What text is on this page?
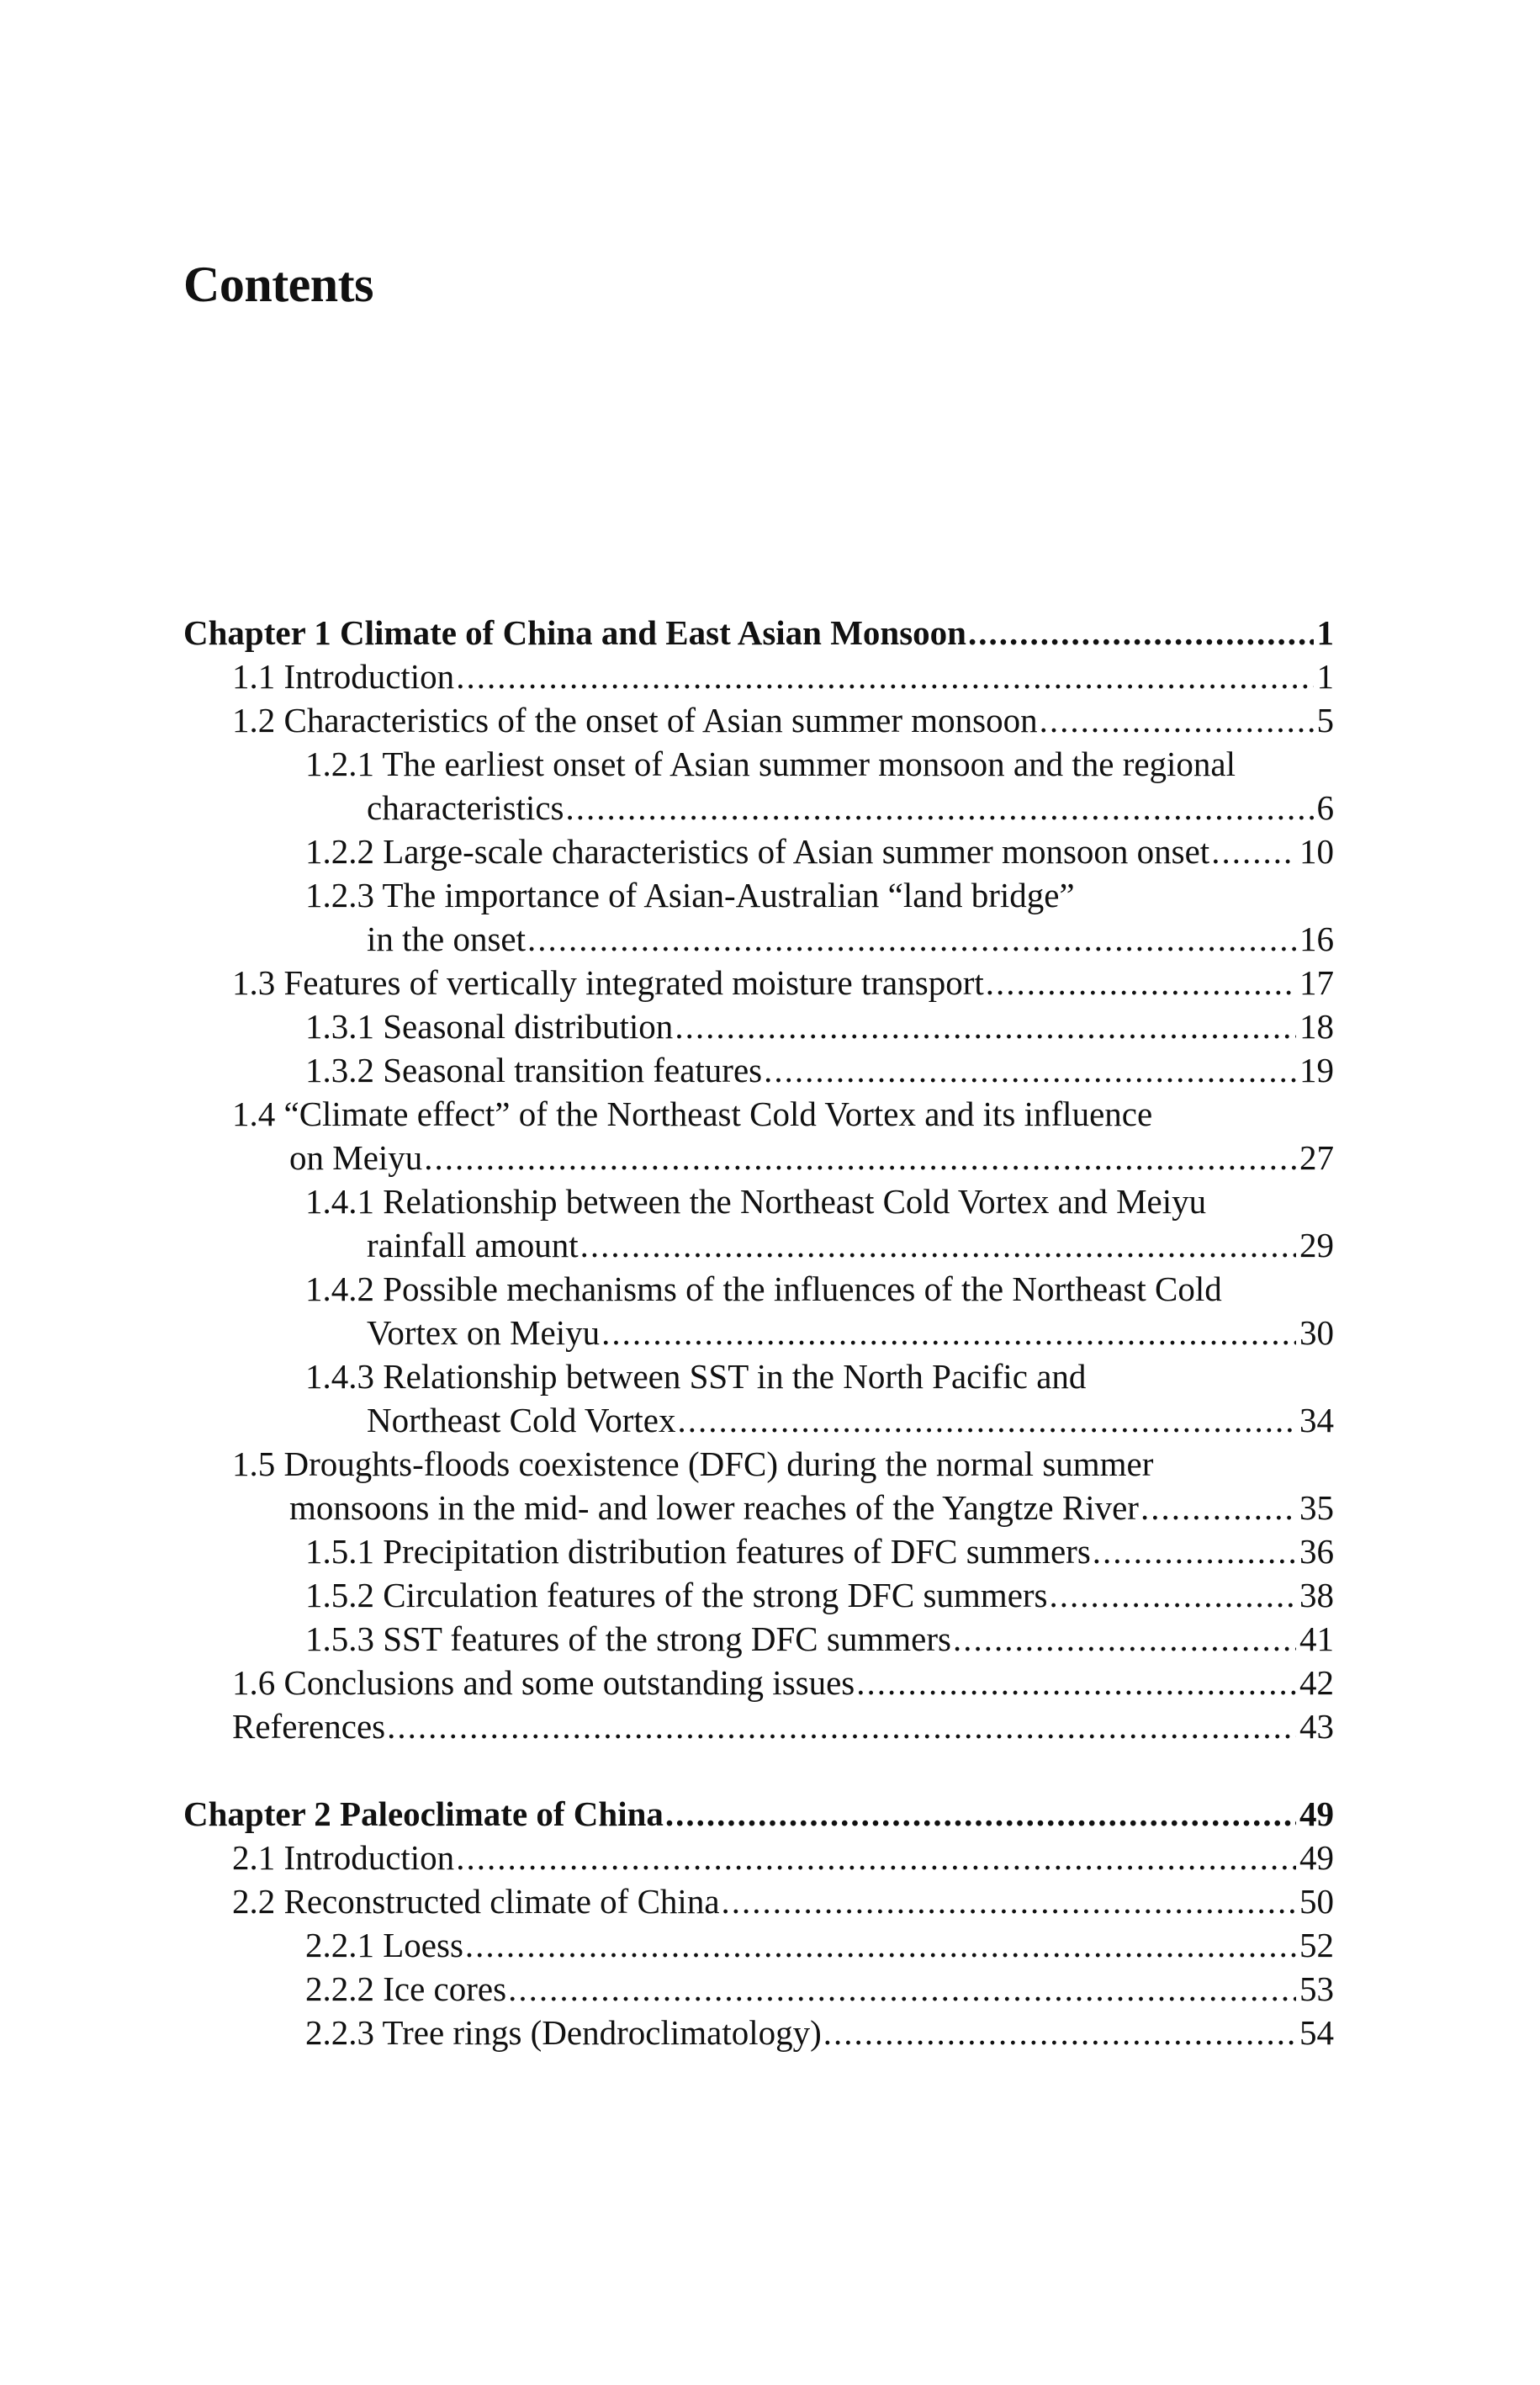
Contents
Chapter 1 Climate of China and East Asian Monsoon .....	1
1.1 Introduction .....	1
1.2 Characteristics of the onset of Asian summer monsoon .....	5
1.2.1 The earliest onset of Asian summer monsoon and the regional
characteristics .....	6
1.2.2 Large-scale characteristics of Asian summer monsoon onset .....	10
1.2.3 The importance of Asian-Australian “land bridge”
in the onset .....	16
1.3 Features of vertically integrated moisture transport .....	17
1.3.1 Seasonal distribution .....	18
1.3.2 Seasonal transition features .....	19
1.4 “Climate effect” of the Northeast Cold Vortex and its influence
on Meiyu .....	27
1.4.1 Relationship between the Northeast Cold Vortex and Meiyu
rainfall amount .....	29
1.4.2 Possible mechanisms of the influences of the Northeast Cold
Vortex on Meiyu .....	30
1.4.3 Relationship between SST in the North Pacific and
Northeast Cold Vortex .....	34
1.5 Droughts-floods coexistence (DFC) during the normal summer
monsoons in the mid- and lower reaches of the Yangtze River .....	35
1.5.1 Precipitation distribution features of DFC summers .....	36
1.5.2 Circulation features of the strong DFC summers .....	38
1.5.3 SST features of the strong DFC summers .....	41
1.6 Conclusions and some outstanding issues .....	42
References .....	43
Chapter 2 Paleoclimate of China .....	49
2.1 Introduction .....	49
2.2 Reconstructed climate of China .....	50
2.2.1 Loess .....	52
2.2.2 Ice cores .....	53
2.2.3 Tree rings (Dendroclimatology) .....	54
